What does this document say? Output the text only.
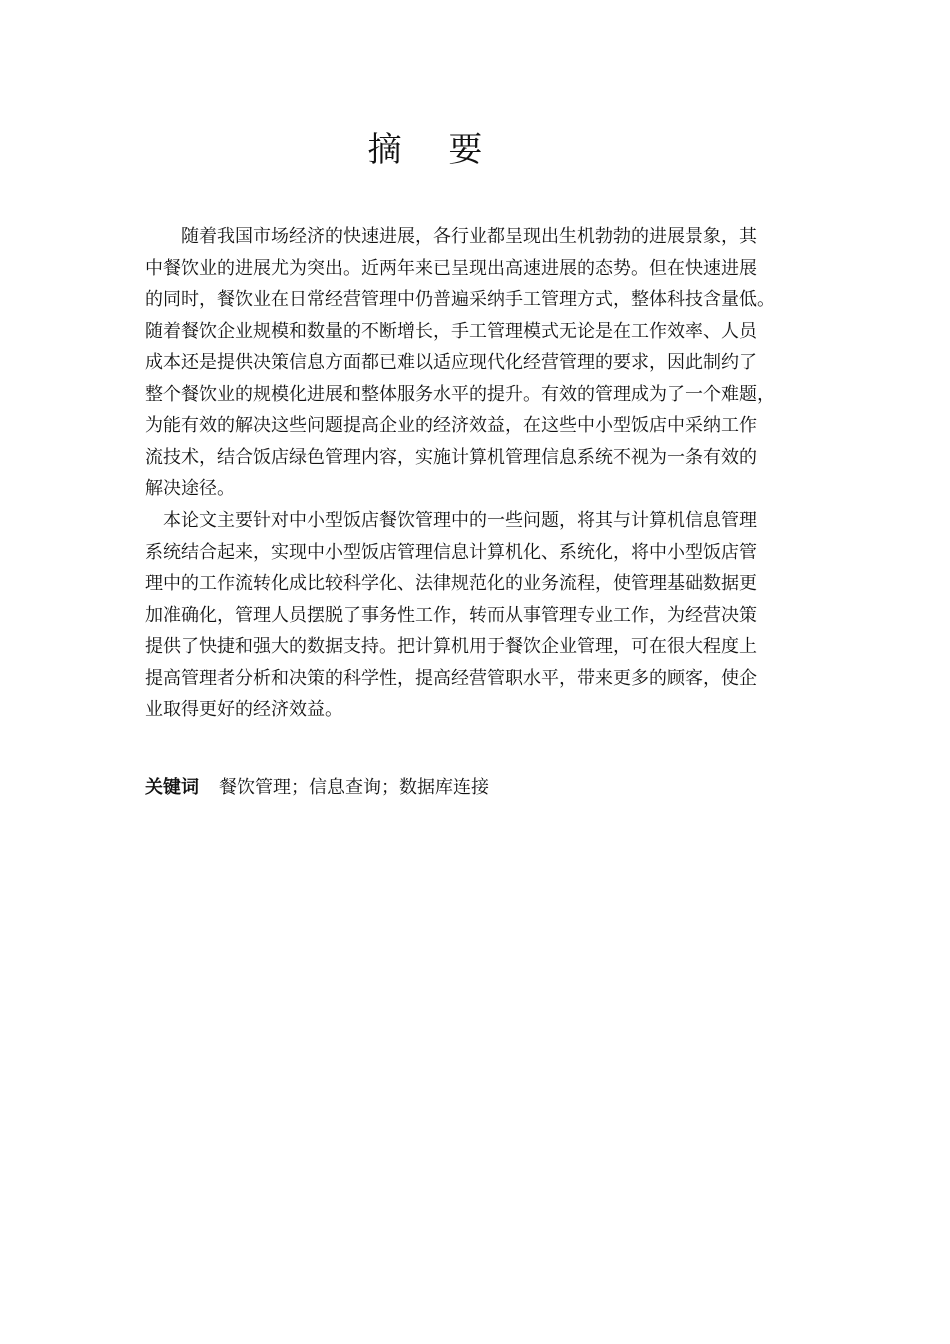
摘 要

随着我国市场经济的快速进展，各行业都呈现出生机勃勃的进展景象，其
中餐饮业的进展尤为突出。近两年来已呈现出高速进展的态势。但在快速进展
的同时，餐饮业在日常经营管理中仍普遍采纳手工管理方式，整体科技含量低。
随着餐饮企业规模和数量的不断增长，手工管理模式无论是在工作效率、人员
成本还是提供决策信息方面都已难以适应现代化经营管理的要求，因此制约了
整个餐饮业的规模化进展和整体服务水平的提升。有效的管理成为了一个难题，
为能有效的解决这些问题提高企业的经济效益，在这些中小型饭店中采纳工作
流技术，结合饭店绿色管理内容，实施计算机管理信息系统不视为一条有效的
解决途径。

本论文主要针对中小型饭店餐饮管理中的一些问题，将其与计算机信息管理
系统结合起来，实现中小型饭店管理信息计算机化、系统化，将中小型饭店管
理中的工作流转化成比较科学化、法律规范化的业务流程，使管理基础数据更
加准确化，管理人员摆脱了事务性工作，转而从事管理专业工作，为经营决策
提供了快捷和强大的数据支持。把计算机用于餐饮企业管理，可在很大程度上
提高管理者分析和决策的科学性，提高经营管职水平，带来更多的顾客，使企
业取得更好的经济效益。

关键词 餐饮管理；信息查询；数据库连接
